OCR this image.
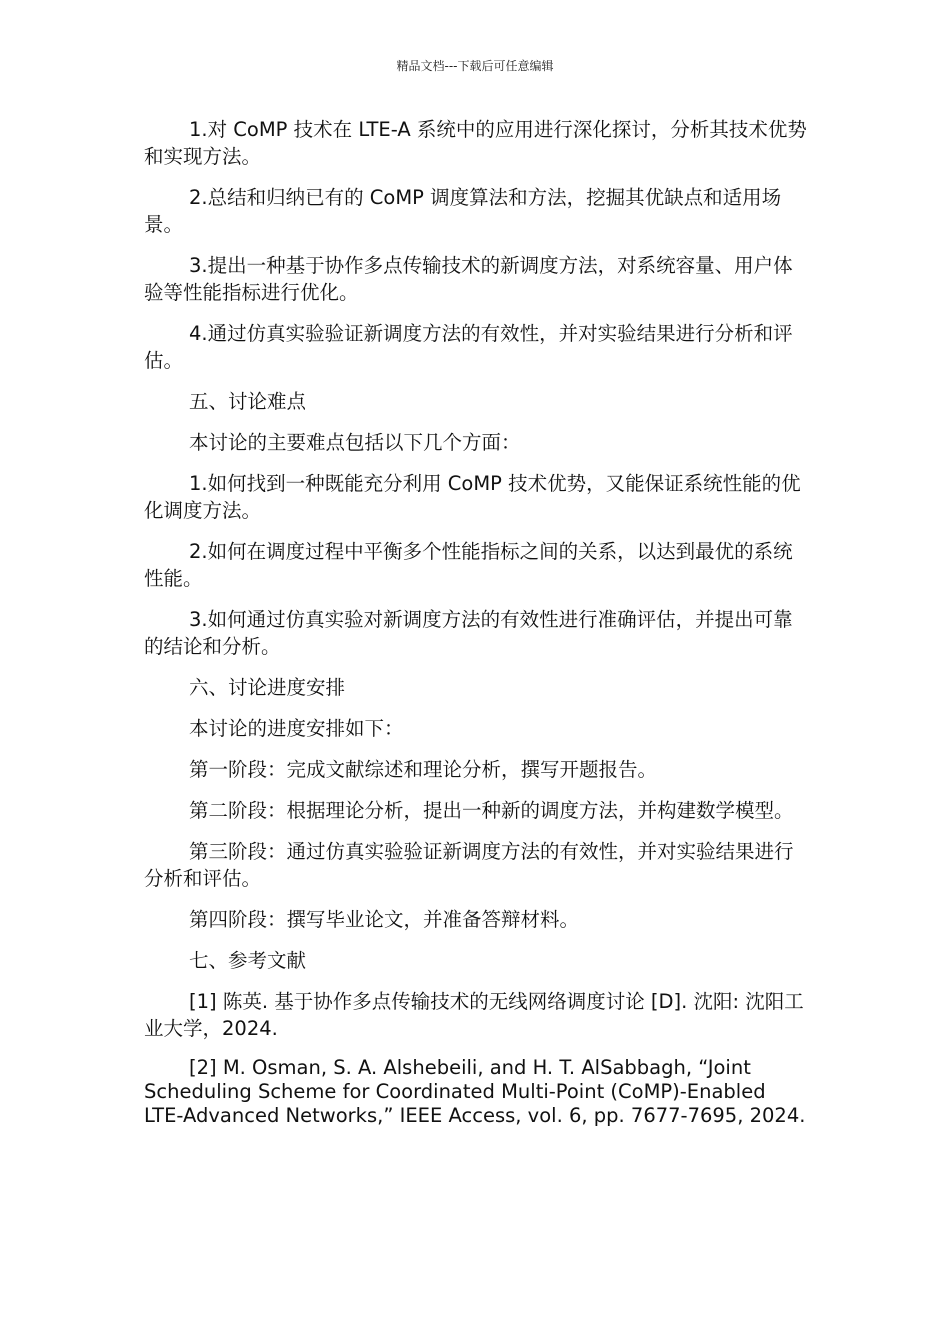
精品文档---下载后可任意编辑

1.对 CoMP 技术在 LTE-A 系统中的应用进行深化探讨，分析其技术优势和实现方法。

2.总结和归纳已有的 CoMP 调度算法和方法，挖掘其优缺点和适用场景。

3.提出一种基于协作多点传输技术的新调度方法，对系统容量、用户体验等性能指标进行优化。

4.通过仿真实验验证新调度方法的有效性，并对实验结果进行分析和评估。

五、讨论难点

本讨论的主要难点包括以下几个方面：

1.如何找到一种既能充分利用 CoMP 技术优势，又能保证系统性能的优化调度方法。

2.如何在调度过程中平衡多个性能指标之间的关系，以达到最优的系统性能。

3.如何通过仿真实验对新调度方法的有效性进行准确评估，并提出可靠的结论和分析。

六、讨论进度安排

本讨论的进度安排如下：

第一阶段：完成文献综述和理论分析，撰写开题报告。

第二阶段：根据理论分析，提出一种新的调度方法，并构建数学模型。

第三阶段：通过仿真实验验证新调度方法的有效性，并对实验结果进行分析和评估。

第四阶段：撰写毕业论文，并准备答辩材料。

七、参考文献

[1] 陈英. 基于协作多点传输技术的无线网络调度讨论 [D]. 沈阳: 沈阳工业大学，2024.

[2] M. Osman, S. A. Alshebeili, and H. T. AlSabbagh, “Joint Scheduling Scheme for Coordinated Multi-Point (CoMP)-Enabled LTE-Advanced Networks,” IEEE Access, vol. 6, pp. 7677-7695, 2024.
